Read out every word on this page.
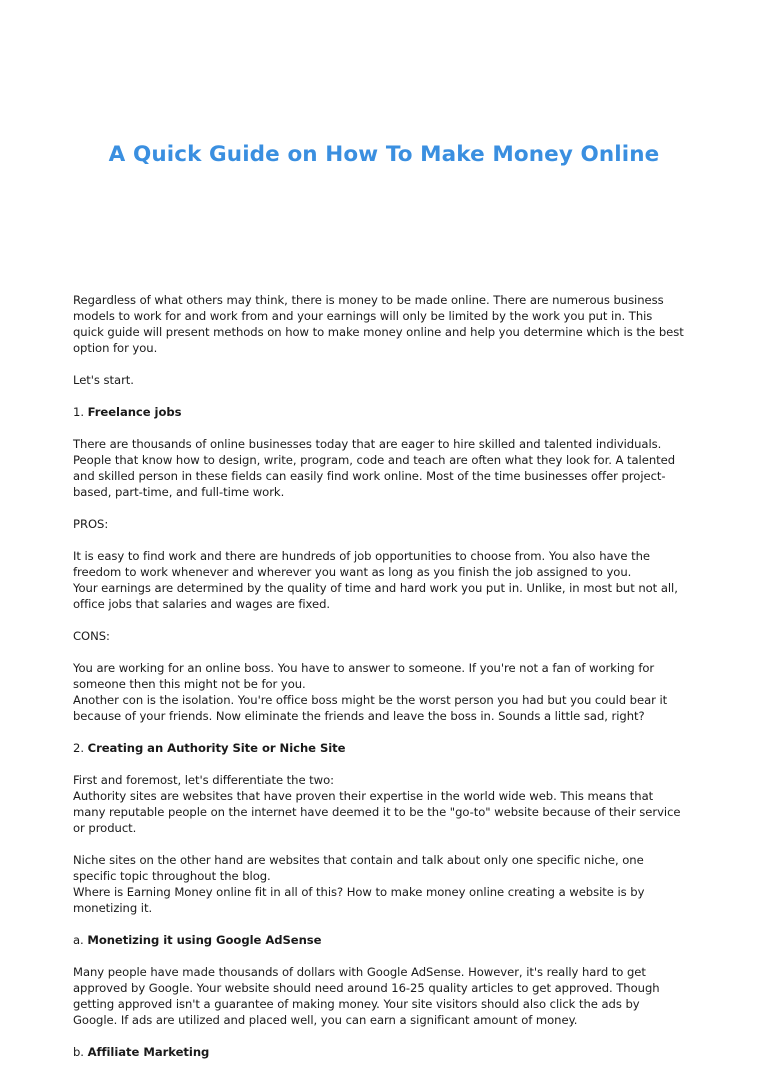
A Quick Guide on How To Make Money Online

Regardless of what others may think, there is money to be made online. There are numerous business
models to work for and work from and your earnings will only be limited by the work you put in. This
quick guide will present methods on how to make money online and help you determine which is the best
option for you.

Let's start.

1. Freelance jobs

There are thousands of online businesses today that are eager to hire skilled and talented individuals.
People that know how to design, write, program, code and teach are often what they look for. A talented
and skilled person in these fields can easily find work online. Most of the time businesses offer project-
based, part-time, and full-time work.

PROS:

It is easy to find work and there are hundreds of job opportunities to choose from. You also have the
freedom to work whenever and wherever you want as long as you finish the job assigned to you.
Your earnings are determined by the quality of time and hard work you put in. Unlike, in most but not all,
office jobs that salaries and wages are fixed.

CONS:

You are working for an online boss. You have to answer to someone. If you're not a fan of working for
someone then this might not be for you.
Another con is the isolation. You're office boss might be the worst person you had but you could bear it
because of your friends. Now eliminate the friends and leave the boss in. Sounds a little sad, right?

2. Creating an Authority Site or Niche Site

First and foremost, let's differentiate the two:
Authority sites are websites that have proven their expertise in the world wide web. This means that
many reputable people on the internet have deemed it to be the "go-to" website because of their service
or product.

Niche sites on the other hand are websites that contain and talk about only one specific niche, one
specific topic throughout the blog.
Where is Earning Money online fit in all of this? How to make money online creating a website is by
monetizing it.

a. Monetizing it using Google AdSense

Many people have made thousands of dollars with Google AdSense. However, it's really hard to get
approved by Google. Your website should need around 16-25 quality articles to get approved. Though
getting approved isn't a guarantee of making money. Your site visitors should also click the ads by
Google. If ads are utilized and placed well, you can earn a significant amount of money.

b. Affiliate Marketing
